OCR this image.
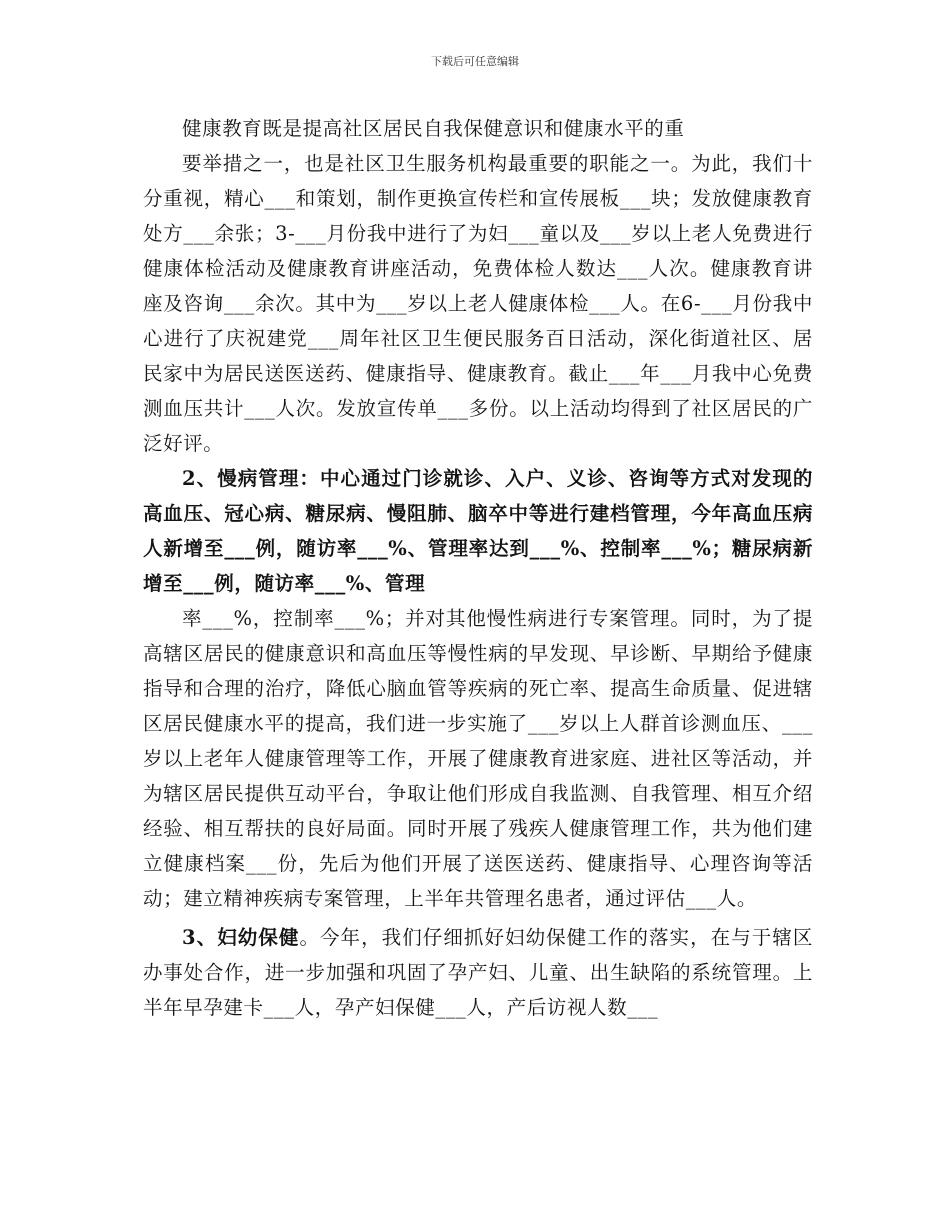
下载后可任意编辑

健康教育既是提高社区居民自我保健意识和健康水平的重

要举措之一，也是社区卫生服务机构最重要的职能之一。为此，我们十分重视，精心___和策划，制作更换宣传栏和宣传展板___块；发放健康教育处方___余张；3-___月份我中进行了为妇___童以及___岁以上老人免费进行健康体检活动及健康教育讲座活动，免费体检人数达___人次。健康教育讲座及咨询___余次。其中为___岁以上老人健康体检___人。在6-___月份我中心进行了庆祝建党___周年社区卫生便民服务百日活动，深化街道社区、居民家中为居民送医送药、健康指导、健康教育。截止___年___月我中心免费测血压共计___人次。发放宣传单___多份。以上活动均得到了社区居民的广泛好评。

2、慢病管理：中心通过门诊就诊、入户、义诊、咨询等方式对发现的高血压、冠心病、糖尿病、慢阻肺、脑卒中等进行建档管理，今年高血压病人新增至___例，随访率___%、管理率达到___%、控制率___%；糖尿病新增至___例，随访率___%、管理

率___%，控制率___%；并对其他慢性病进行专案管理。同时，为了提高辖区居民的健康意识和高血压等慢性病的早发现、早诊断、早期给予健康指导和合理的治疗，降低心脑血管等疾病的死亡率、提高生命质量、促进辖区居民健康水平的提高，我们进一步实施了___岁以上人群首诊测血压、___岁以上老年人健康管理等工作，开展了健康教育进家庭、进社区等活动，并为辖区居民提供互动平台，争取让他们形成自我监测、自我管理、相互介绍经验、相互帮扶的良好局面。同时开展了残疾人健康管理工作，共为他们建立健康档案___份，先后为他们开展了送医送药、健康指导、心理咨询等活动；建立精神疾病专案管理，上半年共管理名患者，通过评估___人。

3、妇幼保健。今年，我们仔细抓好妇幼保健工作的落实，在与于辖区办事处合作，进一步加强和巩固了孕产妇、儿童、出生缺陷的系统管理。上半年早孕建卡___人，孕产妇保健___人，产后访视人数___
